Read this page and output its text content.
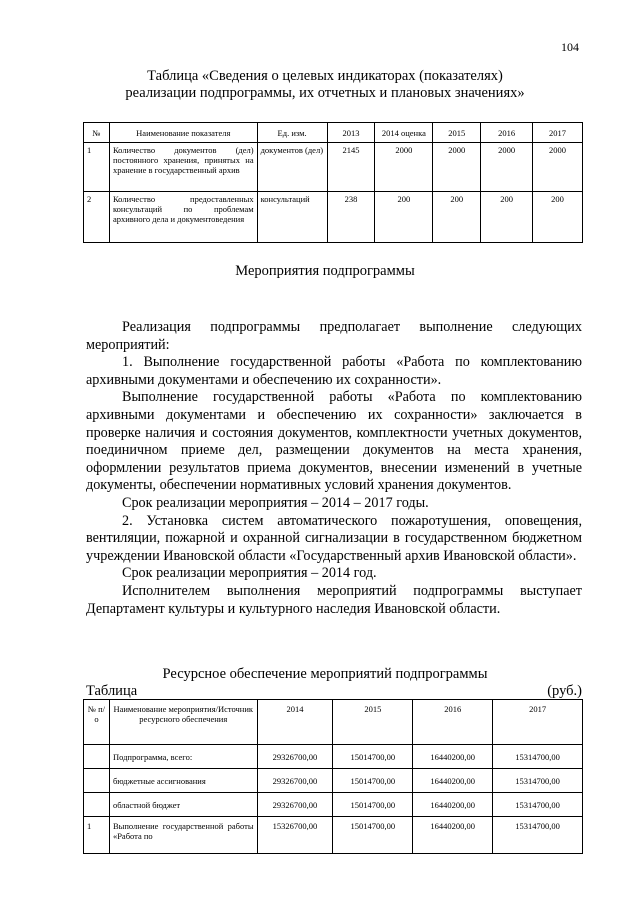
104
Таблица «Сведения о целевых индикаторах (показателях)
реализации подпрограммы, их отчетных и плановых значениях»
№	Наименование показателя	Ед. изм.	2013	2014 оценка	2015	2016	2017
1	Количество документов (дел) постоянного хранения, принятых на хранение в государственный архив	документов (дел)	2145	2000	2000	2000	2000
2	Количество предоставленных консультаций по проблемам архивного дела и документоведения	консультаций	238	200	200	200	200
Мероприятия подпрограммы

Реализация подпрограммы предполагает выполнение следующих мероприятий:

1. Выполнение государственной работы «Работа по комплектованию архивными документами и обеспечению их сохранности».

Выполнение государственной работы «Работа по комплектованию архивными документами и обеспечению их сохранности» заключается в проверке наличия и состояния документов, комплектности учетных документов, поединичном приеме дел, размещении документов на места хранения, оформлении результатов приема документов, внесении изменений в учетные документы, обеспечении нормативных условий хранения документов.

Срок реализации мероприятия – 2014 – 2017 годы.

2. Установка систем автоматического пожаротушения, оповещения, вентиляции, пожарной и охранной сигнализации в государственном бюджетном учреждении Ивановской области «Государственный архив Ивановской области».

Срок реализации мероприятия – 2014 год.

Исполнителем выполнения мероприятий подпрограммы выступает Департамент культуры и культурного наследия Ивановской области.

Ресурсное обеспечение мероприятий подпрограммы
Таблица	(руб.)
№ п/о	Наименование мероприятия/Источник ресурсного обеспечения	2014	2015	2016	2017
	Подпрограмма, всего:	29326700,00	15014700,00	16440200,00	15314700,00
	бюджетные ассигнования	29326700,00	15014700,00	16440200,00	15314700,00
	областной бюджет	29326700,00	15014700,00	16440200,00	15314700,00
1	Выполнение государственной работы «Работа по	15326700,00	15014700,00	16440200,00	15314700,00
